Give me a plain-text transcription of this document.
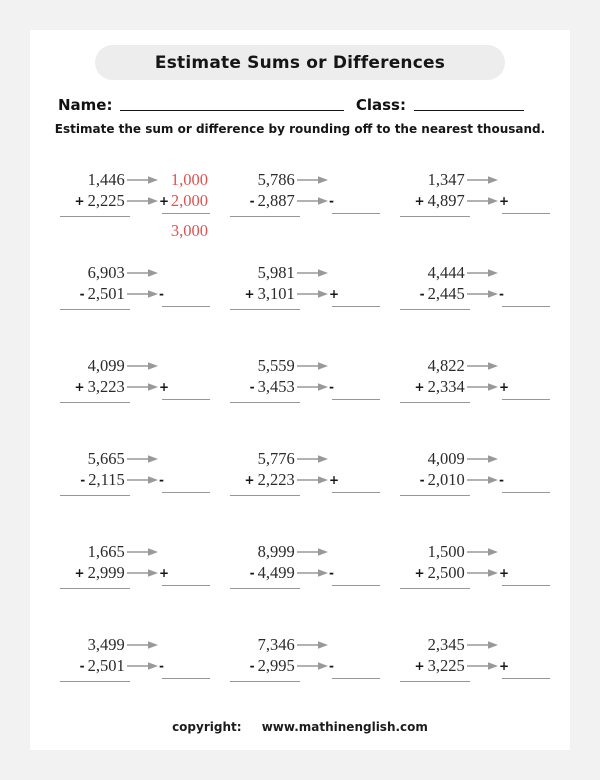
Estimate Sums or Differences
Name:	Class:
Estimate the sum or difference by rounding off to the nearest thousand.
1,446	1,000
+ 2,225	+ 2,000
3,000
5,786
- 2,887	-
1,347
+ 4,897	+
6,903
- 2,501	-
5,981
+ 3,101	+
4,444
- 2,445	-
4,099
+ 3,223	+
5,559
- 3,453	-
4,822
+ 2,334	+
5,665
- 2,115	-
5,776
+ 2,223	+
4,009
- 2,010	-
1,665
+ 2,999	+
8,999
- 4,499	-
1,500
+ 2,500	+
3,499
- 2,501	-
7,346
- 2,995	-
2,345
+ 3,225	+
copyright: www.mathinenglish.com
